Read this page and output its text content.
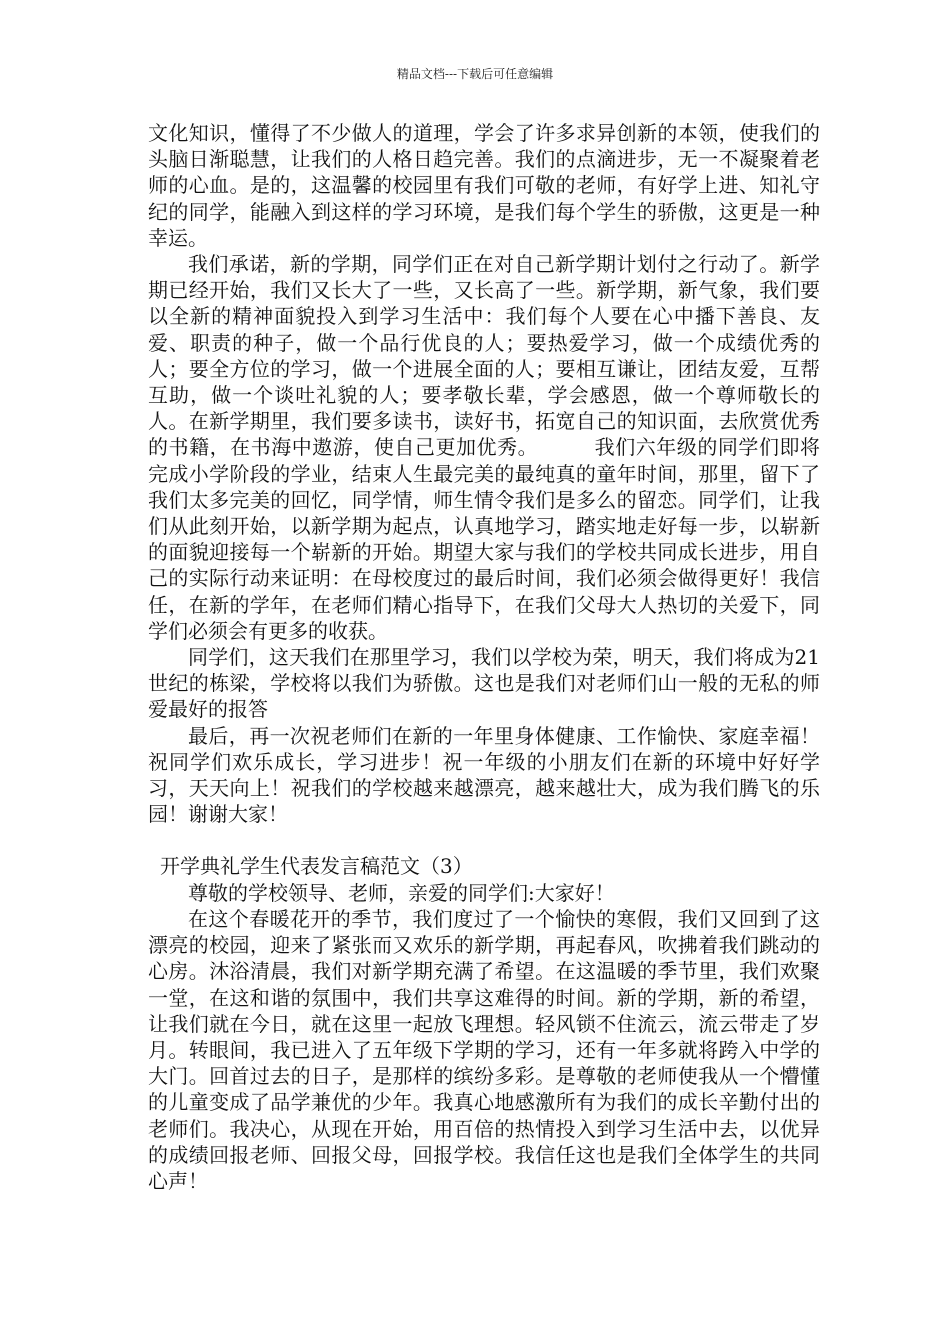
精品文档---下载后可任意编辑

文化知识，懂得了不少做人的道理，学会了许多求异创新的本领，使我们的头脑日渐聪慧，让我们的人格日趋完善。我们的点滴进步，无一不凝聚着老师的心血。是的，这温馨的校园里有我们可敬的老师，有好学上进、知礼守纪的同学，能融入到这样的学习环境，是我们每个学生的骄傲，这更是一种幸运。

我们承诺，新的学期，同学们正在对自己新学期计划付之行动了。新学期已经开始，我们又长大了一些，又长高了一些。新学期，新气象，我们要以全新的精神面貌投入到学习生活中：我们每个人要在心中播下善良、友爱、职责的种子，做一个品行优良的人；要热爱学习，做一个成绩优秀的人；要全方位的学习，做一个进展全面的人；要相互谦让，团结友爱，互帮互助，做一个谈吐礼貌的人；要孝敬长辈，学会感恩，做一个尊师敬长的人。在新学期里，我们要多读书，读好书，拓宽自己的知识面，去欣赏优秀的书籍，在书海中遨游，使自己更加优秀。	我们六年级的同学们即将完成小学阶段的学业，结束人生最完美的最纯真的童年时间，那里，留下了我们太多完美的回忆，同学情，师生情令我们是多么的留恋。同学们，让我们从此刻开始，以新学期为起点，认真地学习，踏实地走好每一步，以崭新的面貌迎接每一个崭新的开始。期望大家与我们的学校共同成长进步，用自己的实际行动来证明：在母校度过的最后时间，我们必须会做得更好！我信任，在新的学年，在老师们精心指导下，在我们父母大人热切的关爱下，同学们必须会有更多的收获。

同学们，这天我们在那里学习，我们以学校为荣，明天，我们将成为21世纪的栋梁，学校将以我们为骄傲。这也是我们对老师们山一般的无私的师爱最好的报答

最后，再一次祝老师们在新的一年里身体健康、工作愉快、家庭幸福！祝同学们欢乐成长，学习进步！祝一年级的小朋友们在新的环境中好好学习，天天向上！祝我们的学校越来越漂亮，越来越壮大，成为我们腾飞的乐园！谢谢大家！

开学典礼学生代表发言稿范文（3）

尊敬的学校领导、老师，亲爱的同学们:大家好！

在这个春暖花开的季节，我们度过了一个愉快的寒假，我们又回到了这漂亮的校园，迎来了紧张而又欢乐的新学期，再起春风，吹拂着我们跳动的心房。沐浴清晨，我们对新学期充满了希望。在这温暖的季节里，我们欢聚一堂，在这和谐的氛围中，我们共享这难得的时间。新的学期，新的希望，让我们就在今日，就在这里一起放飞理想。轻风锁不住流云，流云带走了岁月。转眼间，我已进入了五年级下学期的学习，还有一年多就将跨入中学的大门。回首过去的日子，是那样的缤纷多彩。是尊敬的老师使我从一个懵懂的儿童变成了品学兼优的少年。我真心地感激所有为我们的成长辛勤付出的老师们。我决心，从现在开始，用百倍的热情投入到学习生活中去，以优异的成绩回报老师、回报父母，回报学校。我信任这也是我们全体学生的共同心声！
